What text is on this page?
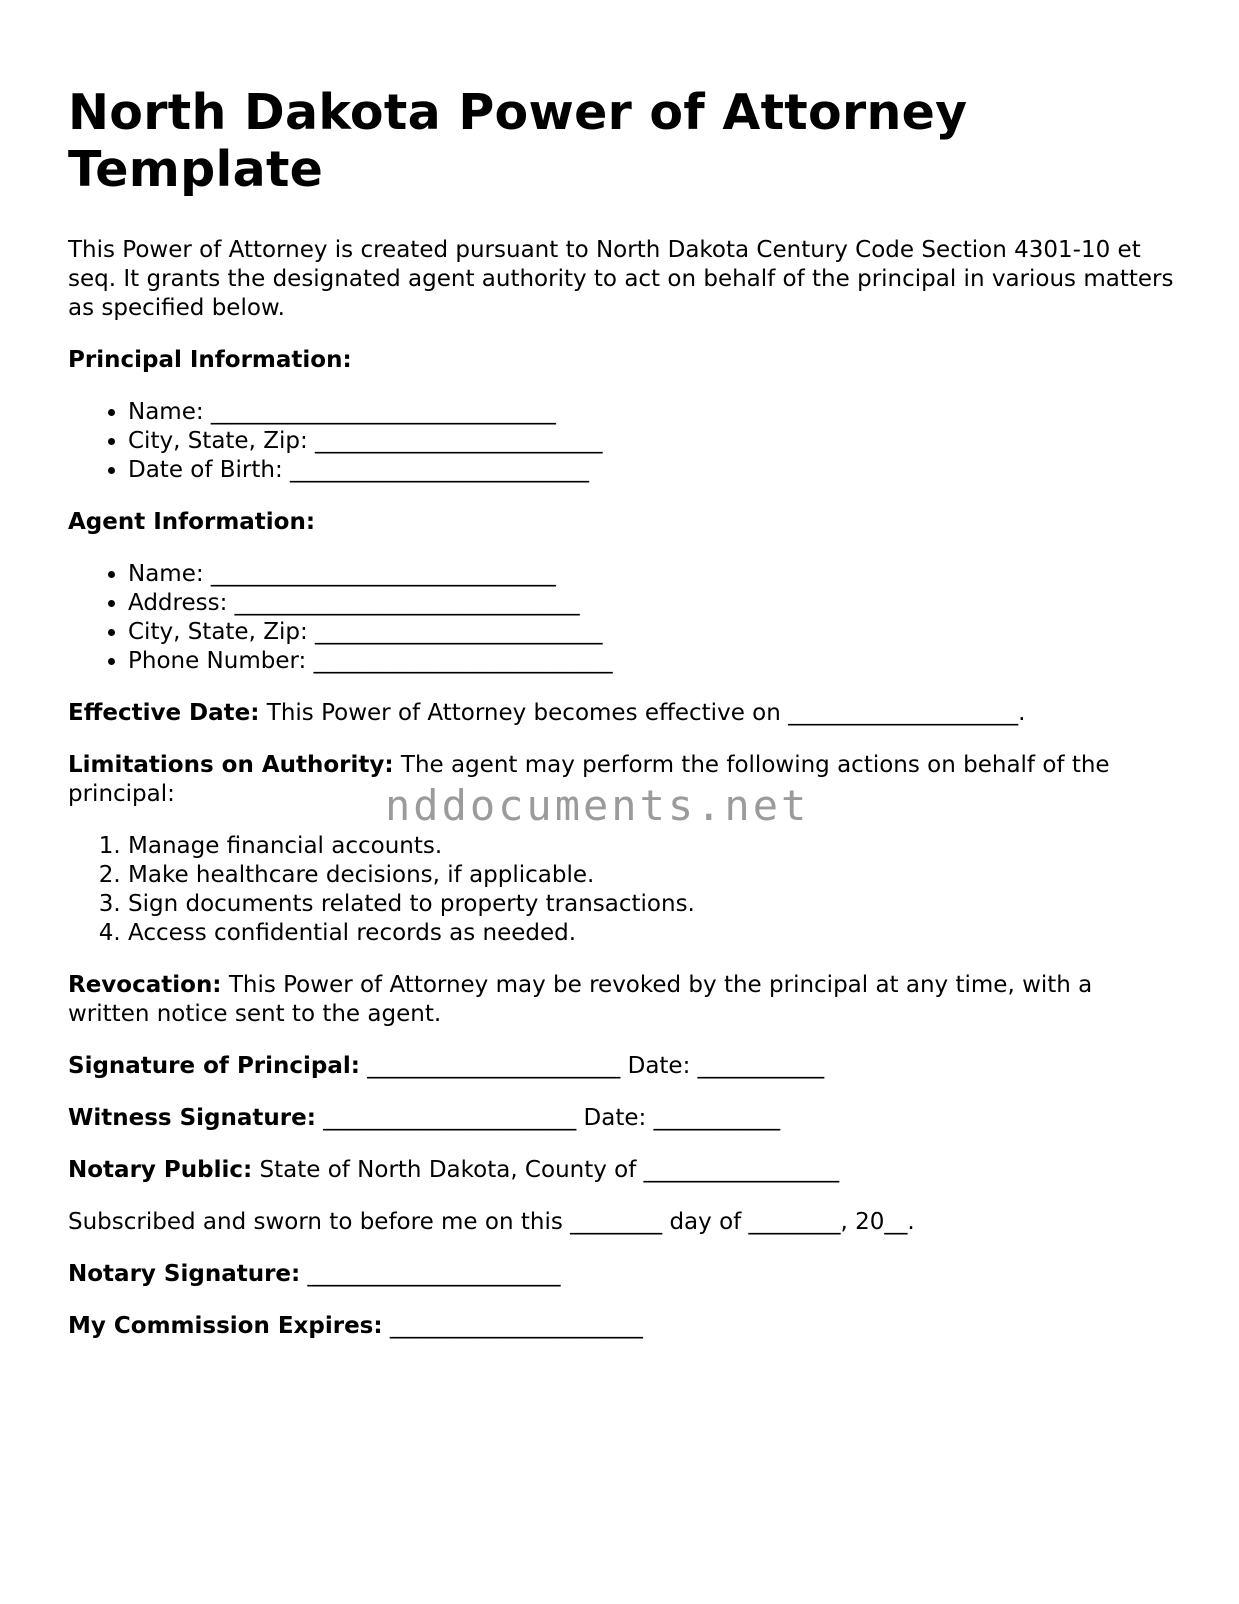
North Dakota Power of Attorney Template

This Power of Attorney is created pursuant to North Dakota Century Code Section 4301-10 et seq. It grants the designated agent authority to act on behalf of the principal in various matters as specified below.

Principal Information:

• Name: ______________________________
• City, State, Zip: _________________________
• Date of Birth: __________________________

Agent Information:

• Name: ______________________________
• Address: ______________________________
• City, State, Zip: _________________________
• Phone Number: __________________________

Effective Date: This Power of Attorney becomes effective on ____________________.

Limitations on Authority: The agent may perform the following actions on behalf of the principal:

1. Manage financial accounts.
2. Make healthcare decisions, if applicable.
3. Sign documents related to property transactions.
4. Access confidential records as needed.

Revocation: This Power of Attorney may be revoked by the principal at any time, with a written notice sent to the agent.

Signature of Principal: ______________________ Date: ___________

Witness Signature: ______________________ Date: ___________

Notary Public: State of North Dakota, County of _________________

Subscribed and sworn to before me on this ________ day of ________, 20__.

Notary Signature: ______________________

My Commission Expires: ______________________

nddocuments.net
